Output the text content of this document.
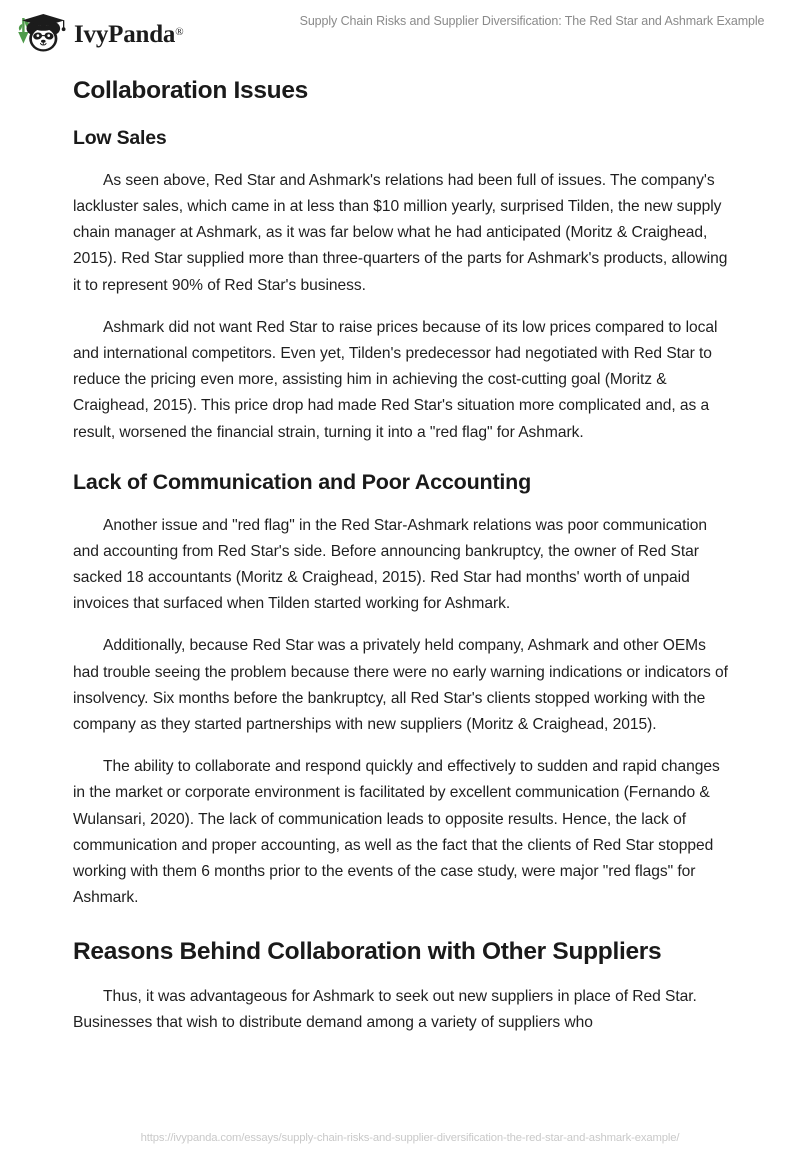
IvyPanda®
Supply Chain Risks and Supplier Diversification: The Red Star and Ashmark Example
Collaboration Issues
Low Sales

As seen above, Red Star and Ashmark's relations had been full of issues. The company's lackluster sales, which came in at less than $10 million yearly, surprised Tilden, the new supply chain manager at Ashmark, as it was far below what he had anticipated (Moritz & Craighead, 2015). Red Star supplied more than three-quarters of the parts for Ashmark's products, allowing it to represent 90% of Red Star's business.

Ashmark did not want Red Star to raise prices because of its low prices compared to local and international competitors. Even yet, Tilden's predecessor had negotiated with Red Star to reduce the pricing even more, assisting him in achieving the cost-cutting goal (Moritz & Craighead, 2015). This price drop had made Red Star's situation more complicated and, as a result, worsened the financial strain, turning it into a "red flag" for Ashmark.

Lack of Communication and Poor Accounting

Another issue and "red flag" in the Red Star-Ashmark relations was poor communication and accounting from Red Star's side. Before announcing bankruptcy, the owner of Red Star sacked 18 accountants (Moritz & Craighead, 2015). Red Star had months' worth of unpaid invoices that surfaced when Tilden started working for Ashmark.

Additionally, because Red Star was a privately held company, Ashmark and other OEMs had trouble seeing the problem because there were no early warning indications or indicators of insolvency. Six months before the bankruptcy, all Red Star's clients stopped working with the company as they started partnerships with new suppliers (Moritz & Craighead, 2015).

The ability to collaborate and respond quickly and effectively to sudden and rapid changes in the market or corporate environment is facilitated by excellent communication (Fernando & Wulansari, 2020). The lack of communication leads to opposite results. Hence, the lack of communication and proper accounting, as well as the fact that the clients of Red Star stopped working with them 6 months prior to the events of the case study, were major "red flags" for Ashmark.

Reasons Behind Collaboration with Other Suppliers

Thus, it was advantageous for Ashmark to seek out new suppliers in place of Red Star. Businesses that wish to distribute demand among a variety of suppliers who

https://ivypanda.com/essays/supply-chain-risks-and-supplier-diversification-the-red-star-and-ashmark-example/
